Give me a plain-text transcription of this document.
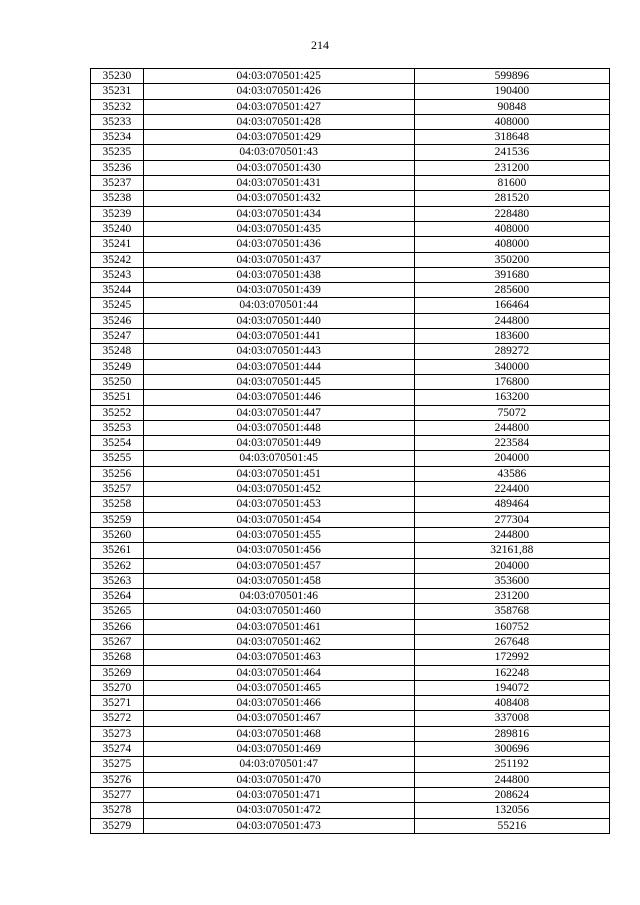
214
35230	04:03:070501:425	599896
35231	04:03:070501:426	190400
35232	04:03:070501:427	90848
35233	04:03:070501:428	408000
35234	04:03:070501:429	318648
35235	04:03:070501:43	241536
35236	04:03:070501:430	231200
35237	04:03:070501:431	81600
35238	04:03:070501:432	281520
35239	04:03:070501:434	228480
35240	04:03:070501:435	408000
35241	04:03:070501:436	408000
35242	04:03:070501:437	350200
35243	04:03:070501:438	391680
35244	04:03:070501:439	285600
35245	04:03:070501:44	166464
35246	04:03:070501:440	244800
35247	04:03:070501:441	183600
35248	04:03:070501:443	289272
35249	04:03:070501:444	340000
35250	04:03:070501:445	176800
35251	04:03:070501:446	163200
35252	04:03:070501:447	75072
35253	04:03:070501:448	244800
35254	04:03:070501:449	223584
35255	04:03:070501:45	204000
35256	04:03:070501:451	43586
35257	04:03:070501:452	224400
35258	04:03:070501:453	489464
35259	04:03:070501:454	277304
35260	04:03:070501:455	244800
35261	04:03:070501:456	32161,88
35262	04:03:070501:457	204000
35263	04:03:070501:458	353600
35264	04:03:070501:46	231200
35265	04:03:070501:460	358768
35266	04:03:070501:461	160752
35267	04:03:070501:462	267648
35268	04:03:070501:463	172992
35269	04:03:070501:464	162248
35270	04:03:070501:465	194072
35271	04:03:070501:466	408408
35272	04:03:070501:467	337008
35273	04:03:070501:468	289816
35274	04:03:070501:469	300696
35275	04:03:070501:47	251192
35276	04:03:070501:470	244800
35277	04:03:070501:471	208624
35278	04:03:070501:472	132056
35279	04:03:070501:473	55216
